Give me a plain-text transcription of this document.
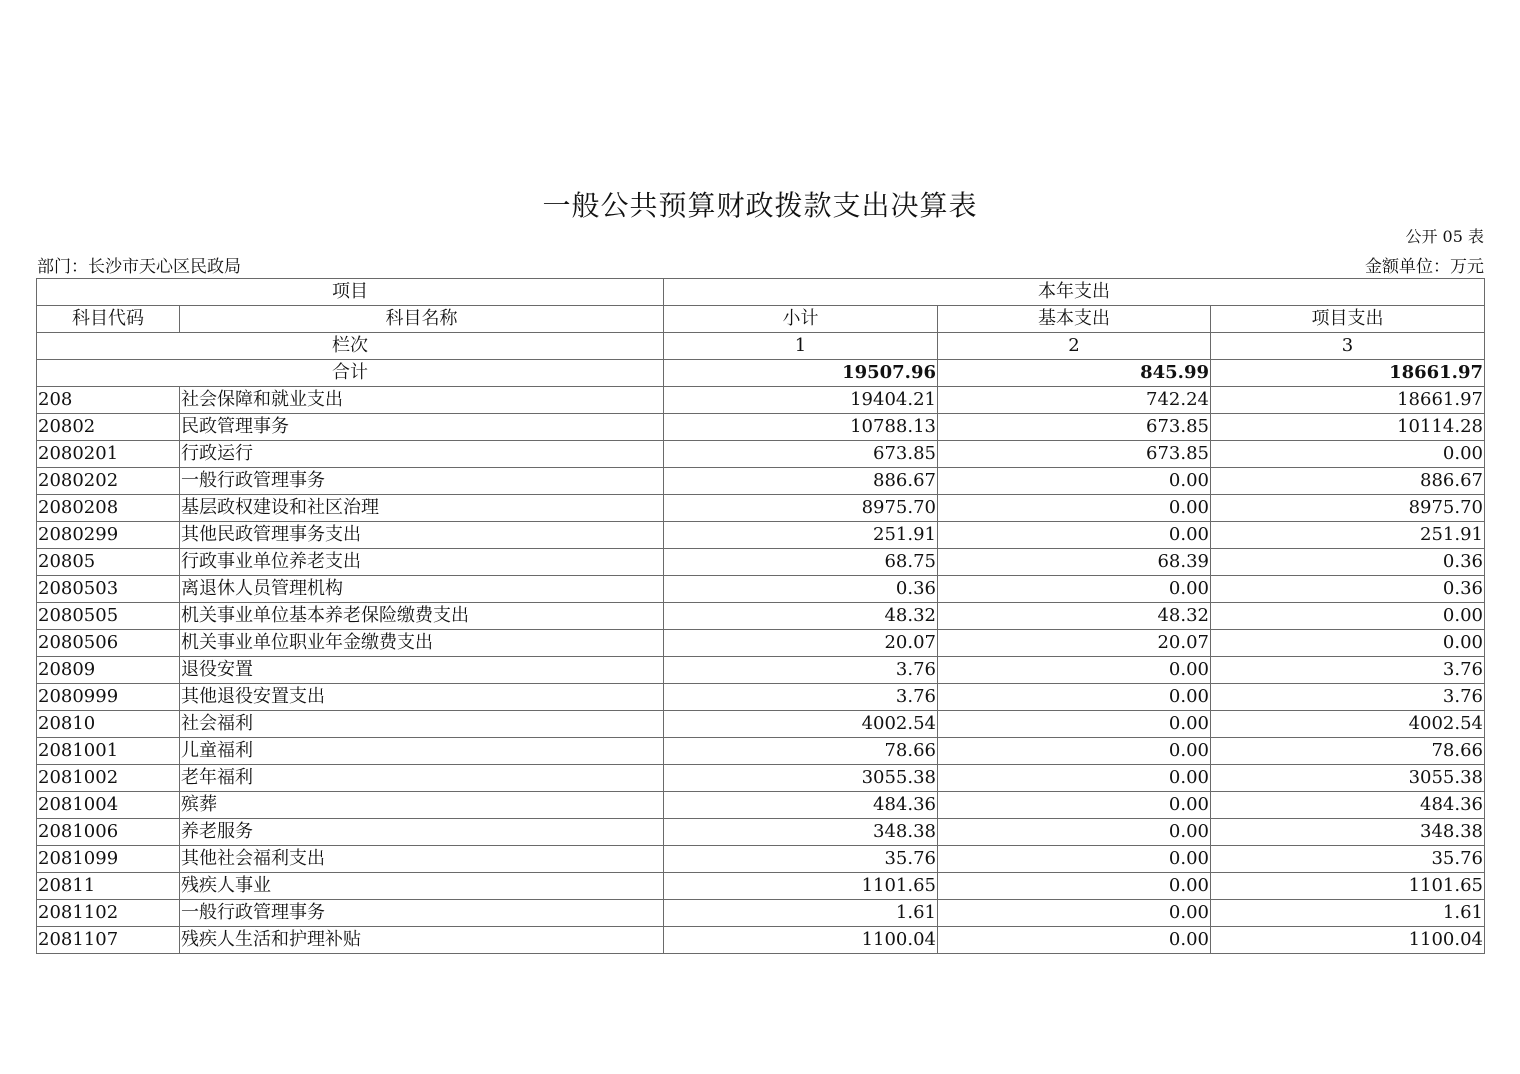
一般公共预算财政拨款支出决算表
公开 05 表
部门：长沙市天心区民政局	金额单位：万元
项目		本年支出		
科目代码	科目名称	小计	基本支出	项目支出
栏次		1	2	3
合计		19507.96	845.99	18661.97
208	社会保障和就业支出	19404.21	742.24	18661.97
20802	民政管理事务	10788.13	673.85	10114.28
2080201	行政运行	673.85	673.85	0.00
2080202	一般行政管理事务	886.67	0.00	886.67
2080208	基层政权建设和社区治理	8975.70	0.00	8975.70
2080299	其他民政管理事务支出	251.91	0.00	251.91
20805	行政事业单位养老支出	68.75	68.39	0.36
2080503	离退休人员管理机构	0.36	0.00	0.36
2080505	机关事业单位基本养老保险缴费支出	48.32	48.32	0.00
2080506	机关事业单位职业年金缴费支出	20.07	20.07	0.00
20809	退役安置	3.76	0.00	3.76
2080999	其他退役安置支出	3.76	0.00	3.76
20810	社会福利	4002.54	0.00	4002.54
2081001	儿童福利	78.66	0.00	78.66
2081002	老年福利	3055.38	0.00	3055.38
2081004	殡葬	484.36	0.00	484.36
2081006	养老服务	348.38	0.00	348.38
2081099	其他社会福利支出	35.76	0.00	35.76
20811	残疾人事业	1101.65	0.00	1101.65
2081102	一般行政管理事务	1.61	0.00	1.61
2081107	残疾人生活和护理补贴	1100.04	0.00	1100.04
